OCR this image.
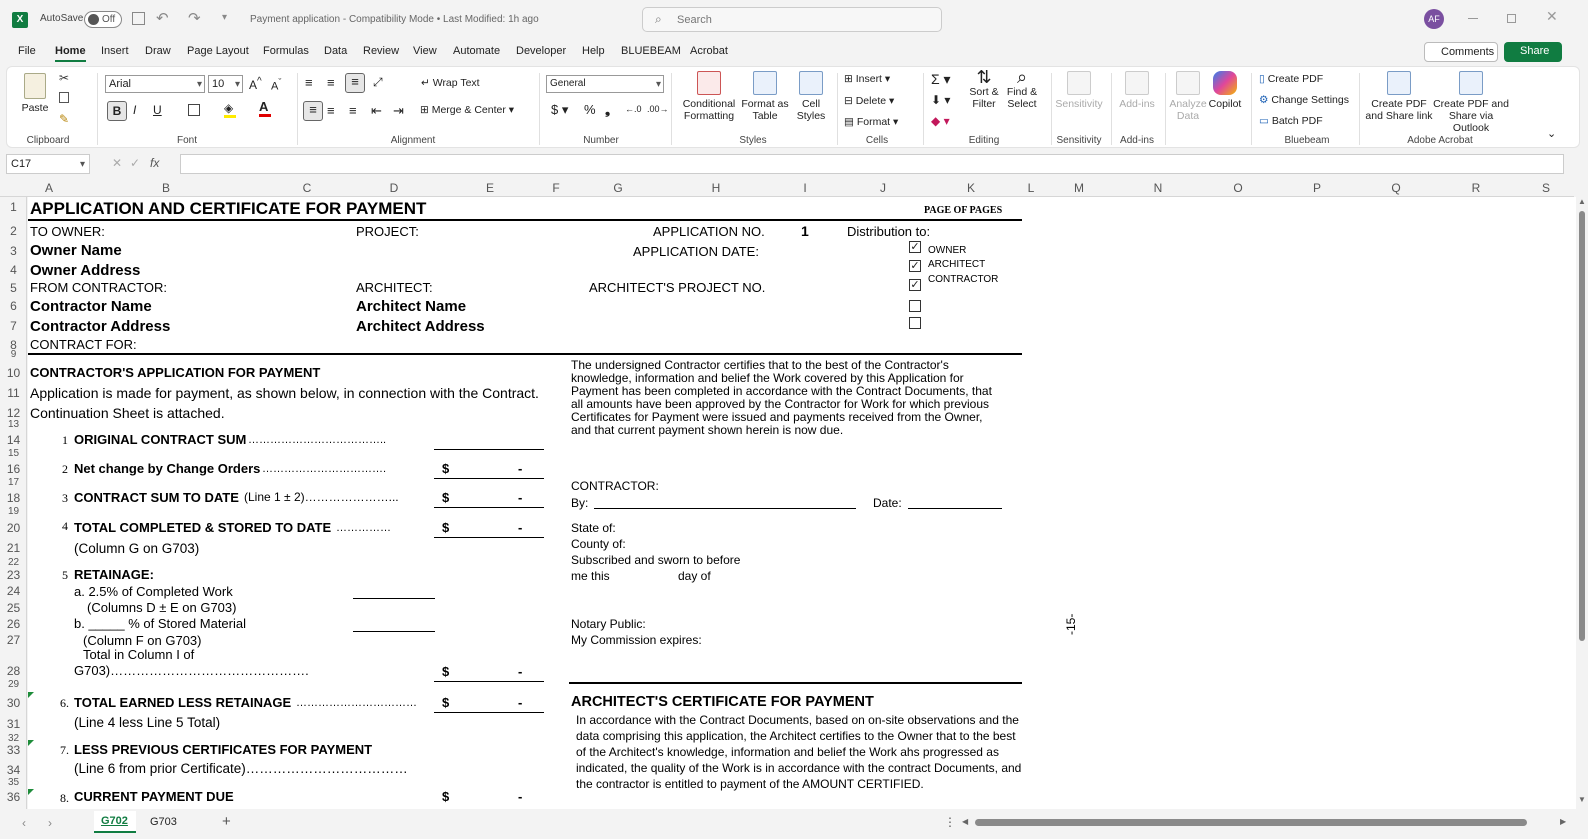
X	AutoSave Off	↶ ↷ ▾ Payment application - Compatibility Mode • Last Modified: 1h ago	⌕ Search	AF	✕
File Home Insert Draw Page Layout Formulas Data Review View Automate Developer Help BLUEBEAM Acrobat	Comments Share

Paste
✂
✎
Clipboard
Arial	▾ 10 ▾ A^ $A^ˇ$
B I U	◈ A
Font
≡ ≡	≡	⤢	↵ Wrap Text
≡ ≡ ≡ ⇤ ⇥ ⊞ Merge & Center ▾
Alignment
General	▾
$ ▾ % ❟ ←.0 .00→
Number

Conditional Formatting

Format as Table

Cell Styles
Styles
⊞ Insert ▾
⊟ Delete ▾
▤ Format ▾
Cells
Σ ▾
⬇ ▾
◆ ▾
⇅
Sort & Filter
⌕
Find & Select
Editing

Sensitivity
Sensitivity

Add-ins
Add-ins

Analyze Data

Copilot
▯ Create PDF
⚙ Change Settings
▭ Batch PDF
Bluebeam

Create PDF and Share link

Create PDF and Share via Outlook
Adobe Acrobat
⌄
C17	▾ ✕ ✓ fx
A	B	C	D	E	F	G	H	I	J	K	L	M	N	O	P	Q	R	S
1
2
3
4
5
6
7
8
9
10
11
12
13
14
15
16
17
18
19
20
21
22
23
24
25
26
27
28
29
30
31
32
33
34
35
36
APPLICATION AND CERTIFICATE FOR PAYMENT	PAGE OF PAGES
TO OWNER:	PROJECT:	APPLICATION NO.	1	Distribution to:
Owner Name	APPLICATION DATE:
Owner Address
FROM CONTRACTOR:	ARCHITECT:	ARCHITECT'S PROJECT NO.
Contractor Name	Architect Name
Contractor Address	Architect Address
CONTRACT FOR:
✓ OWNER
✓ ARCHITECT
✓ CONTRACTOR
CONTRACTOR'S APPLICATION FOR PAYMENT
Application is made for payment, as shown below, in connection with the Contract.
Continuation Sheet is attached.
1 ORIGINAL CONTRACT SUM ………………………………..
2 Net change by Change Orders …………………………….	$	-
3 CONTRACT SUM TO DATE (Line 1 ± 2)…………………...	$	-
4 TOTAL COMPLETED & STORED TO DATE ……………	$	-
(Column G on G703)
5 RETAINAGE:
a. 2.5% of Completed Work
(Columns D ± E on G703)
b. _____ % of Stored Material
(Column F on G703)
Total in Column I of
G703)……………………………………….	$	-
6. TOTAL EARNED LESS RETAINAGE …………………………… $	-
(Line 4 less Line 5 Total)
7. LESS PREVIOUS CERTIFICATES FOR PAYMENT
(Line 6 from prior Certificate)………………………………
8. CURRENT PAYMENT DUE	$	-
The undersigned Contractor certifies that to the best of the Contractor's knowledge, information and belief the Work covered by this Application for Payment has been completed in accordance with the Contract Documents, that all amounts have been approved by the Contractor for Work for which previous Certificates for Payment were issued and payments received from the Owner, and that current payment shown herein is now due.
CONTRACTOR:
By:	Date:
State of:
County of:
Subscribed and sworn to before
me this	day of
Notary Public:
My Commission expires:
ARCHITECT'S CERTIFICATE FOR PAYMENT
In accordance with the Contract Documents, based on on-site observations and the data comprising this application, the Architect certifies to the Owner that to the best of the Architect's knowledge, information and belief the Work ahs progressed as indicated, the quality of the Work is in accordance with the contract Documents, and the contractor is entitled to payment of the AMOUNT CERTIFIED.
-15-
▲
▼
‹ ›	G702 G703	+	⋮ ◀	▶
